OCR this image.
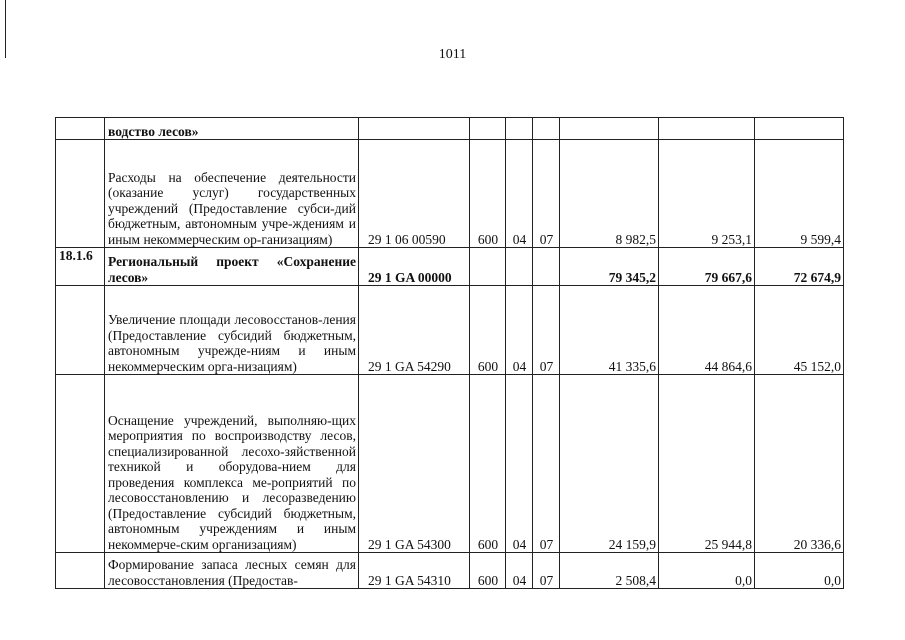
1011
	водство лесов»							
	Расходы на обеспечение деятельности (оказание услуг) государственных учреждений (Предоставление субси-дий бюджетным, автономным учре-ждениям и иным некоммерческим ор-ганизациям)	29 1 06 00590	600	04	07	8 982,5	9 253,1	9 599,4
18.1.6	Региональный проект «Сохранение лесов»	29 1 GA 00000				79 345,2	79 667,6	72 674,9
	Увеличение площади лесовосстанов-ления (Предоставление субсидий бюджетным, автономным учрежде-ниям и иным некоммерческим орга-низациям)	29 1 GA 54290	600	04	07	41 335,6	44 864,6	45 152,0
	Оснащение учреждений, выполняю-щих мероприятия по воспроизводству лесов, специализированной лесохо-зяйственной техникой и оборудова-нием для проведения комплекса ме-роприятий по лесовосстановлению и лесоразведению (Предоставление субсидий бюджетным, автономным учреждениям и иным некоммерче-ским организациям)	29 1 GA 54300	600	04	07	24 159,9	25 944,8	20 336,6
	Формирование запаса лесных семян для лесовосстановления (Предостав-	29 1 GA 54310	600	04	07	2 508,4	0,0	0,0
